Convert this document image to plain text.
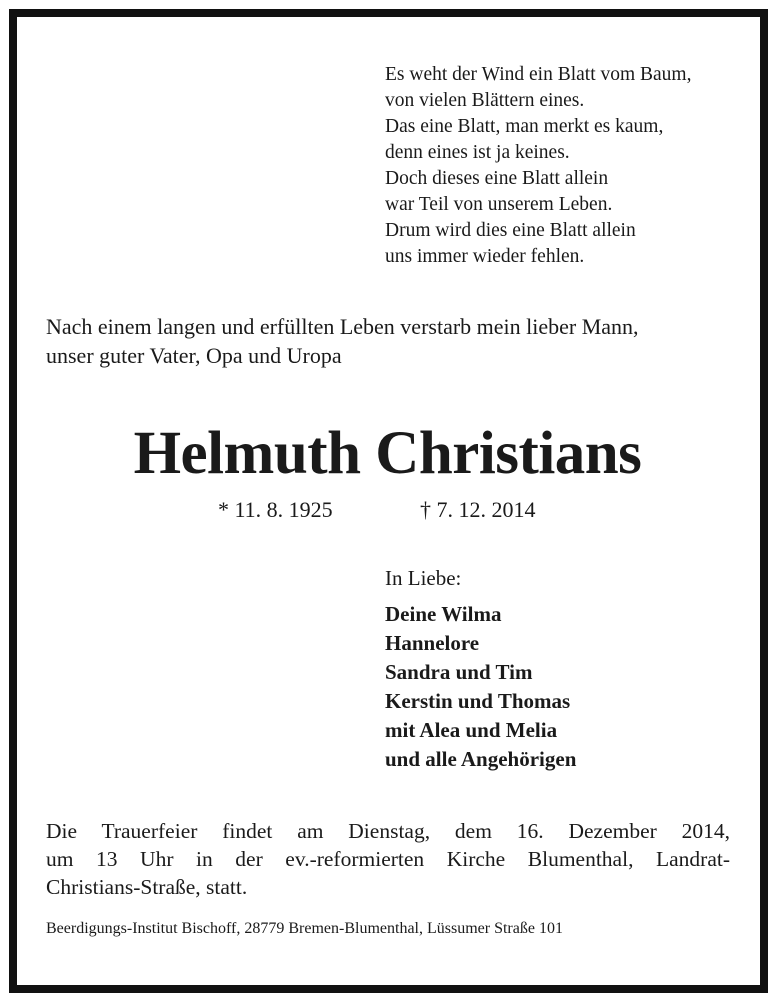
Es weht der Wind ein Blatt vom Baum,
von vielen Blättern eines.
Das eine Blatt, man merkt es kaum,
denn eines ist ja keines.
Doch dieses eine Blatt allein
war Teil von unserem Leben.
Drum wird dies eine Blatt allein
uns immer wieder fehlen.
Nach einem langen und erfüllten Leben verstarb mein lieber Mann,
unser guter Vater, Opa und Uropa
Helmuth Christians
* 11. 8. 1925	† 7. 12. 2014
In Liebe:
Deine Wilma
Hannelore
Sandra und Tim
Kerstin und Thomas
mit Alea und Melia
und alle Angehörigen
Die Trauerfeier findet am Dienstag, dem 16. Dezember 2014,
um 13 Uhr in der ev.-reformierten Kirche Blumenthal, Landrat-
Christians-Straße, statt.
Beerdigungs-Institut Bischoff, 28779 Bremen-Blumenthal, Lüssumer Straße 101
